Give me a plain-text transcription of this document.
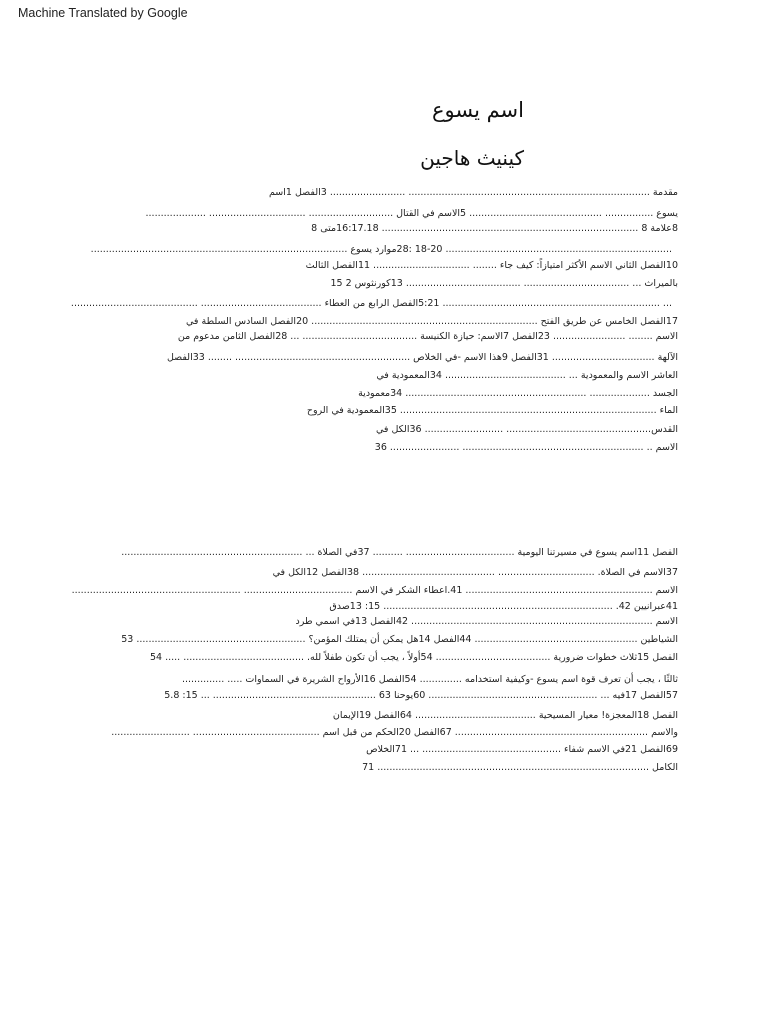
Machine Translated by Google
اسم يسوع
كينيث هاجين
مقدمة ................................................................................ ......................... 3الفصل 1اسم
يسوع ................ ............................................ 5الاسم في القتال ............................ ................................ ....................
8علامة 8 ..................................................................................... 16:17.18متى 8
........................................................................... 18-20 :28موارد يسوع .....................................................................................
10الفصل الثاني الاسم الأكثر امتيازاً: كيف جاء ........ ................................ 11الفصل الثالث
بالميراث ... ................................... ...................................... 13كورنثوس 2 15
... ........................................................................ 5:21الفصل الرابع من العطاء ........................................ ..........................................
17الفصل الخامس عن طريق الفتح ........................................................................... 20الفصل السادس السلطة في
الاسم ........ ........................ 23الفصل 7الاسم: حيازة الكنيسة ...................................... ... 28الفصل الثامن مدعوم من
الآلهة .................................. 31الفصل 9هذا الاسم -في الخلاص .......................................................... ........ 33الفصل
العاشر الاسم والمعمودية ... ........................................ 34المعمودية في
الجسد .................... ............................................................ 34معمودية
الماء ..................................................................................... 35المعمودية في الروح
القدس................................................ .......................... 36الكل في
الاسم .. ............................................................ ....................... 36
الفصل 11اسم يسوع في مسيرتنا اليومية .................................... .......... 37في الصلاة ... ............................................................
37الاسم في الصلاة. ................................ ............................................ 38الفصل 12الكل في
الاسم .............................................................. 41.اعطاء الشكر في الاسم .................................... ........................................................
41عبرانيين 42. ............................................................................ 15: 13صدق
الاسم ................................................................................ 42الفصل 13في اسمي طرد
الشياطين ...................................................... 44الفصل 14هل يمكن أن يمتلك المؤمن؟ ........................................................ 53
الفصل 15ثلاث خطوات ضرورية ...................................... 54أولاً ، يجب أن تكون طفلاً لله. ........................................ ..... 54
ثالثًا ، يجب أن تعرف قوة اسم يسوع -وكيفية استخدامه .............. 54الفصل 16الأرواح الشريرة في السماوات ..... ..............
57الفصل 17فيه ... ........................................................ 60يوحنا 63 ...................................................... ... 15: 5.8
الفصل 18المعجزة! معيار المسيحية ........................................ 64الفصل 19الإيمان
والاسم ................................................................ 67الفصل 20الحكم من قبل اسم .......................................... ..........................
69الفصل 21في الاسم شفاء .............................................. ... 71الخلاص
الكامل .......................................................................................... 71
